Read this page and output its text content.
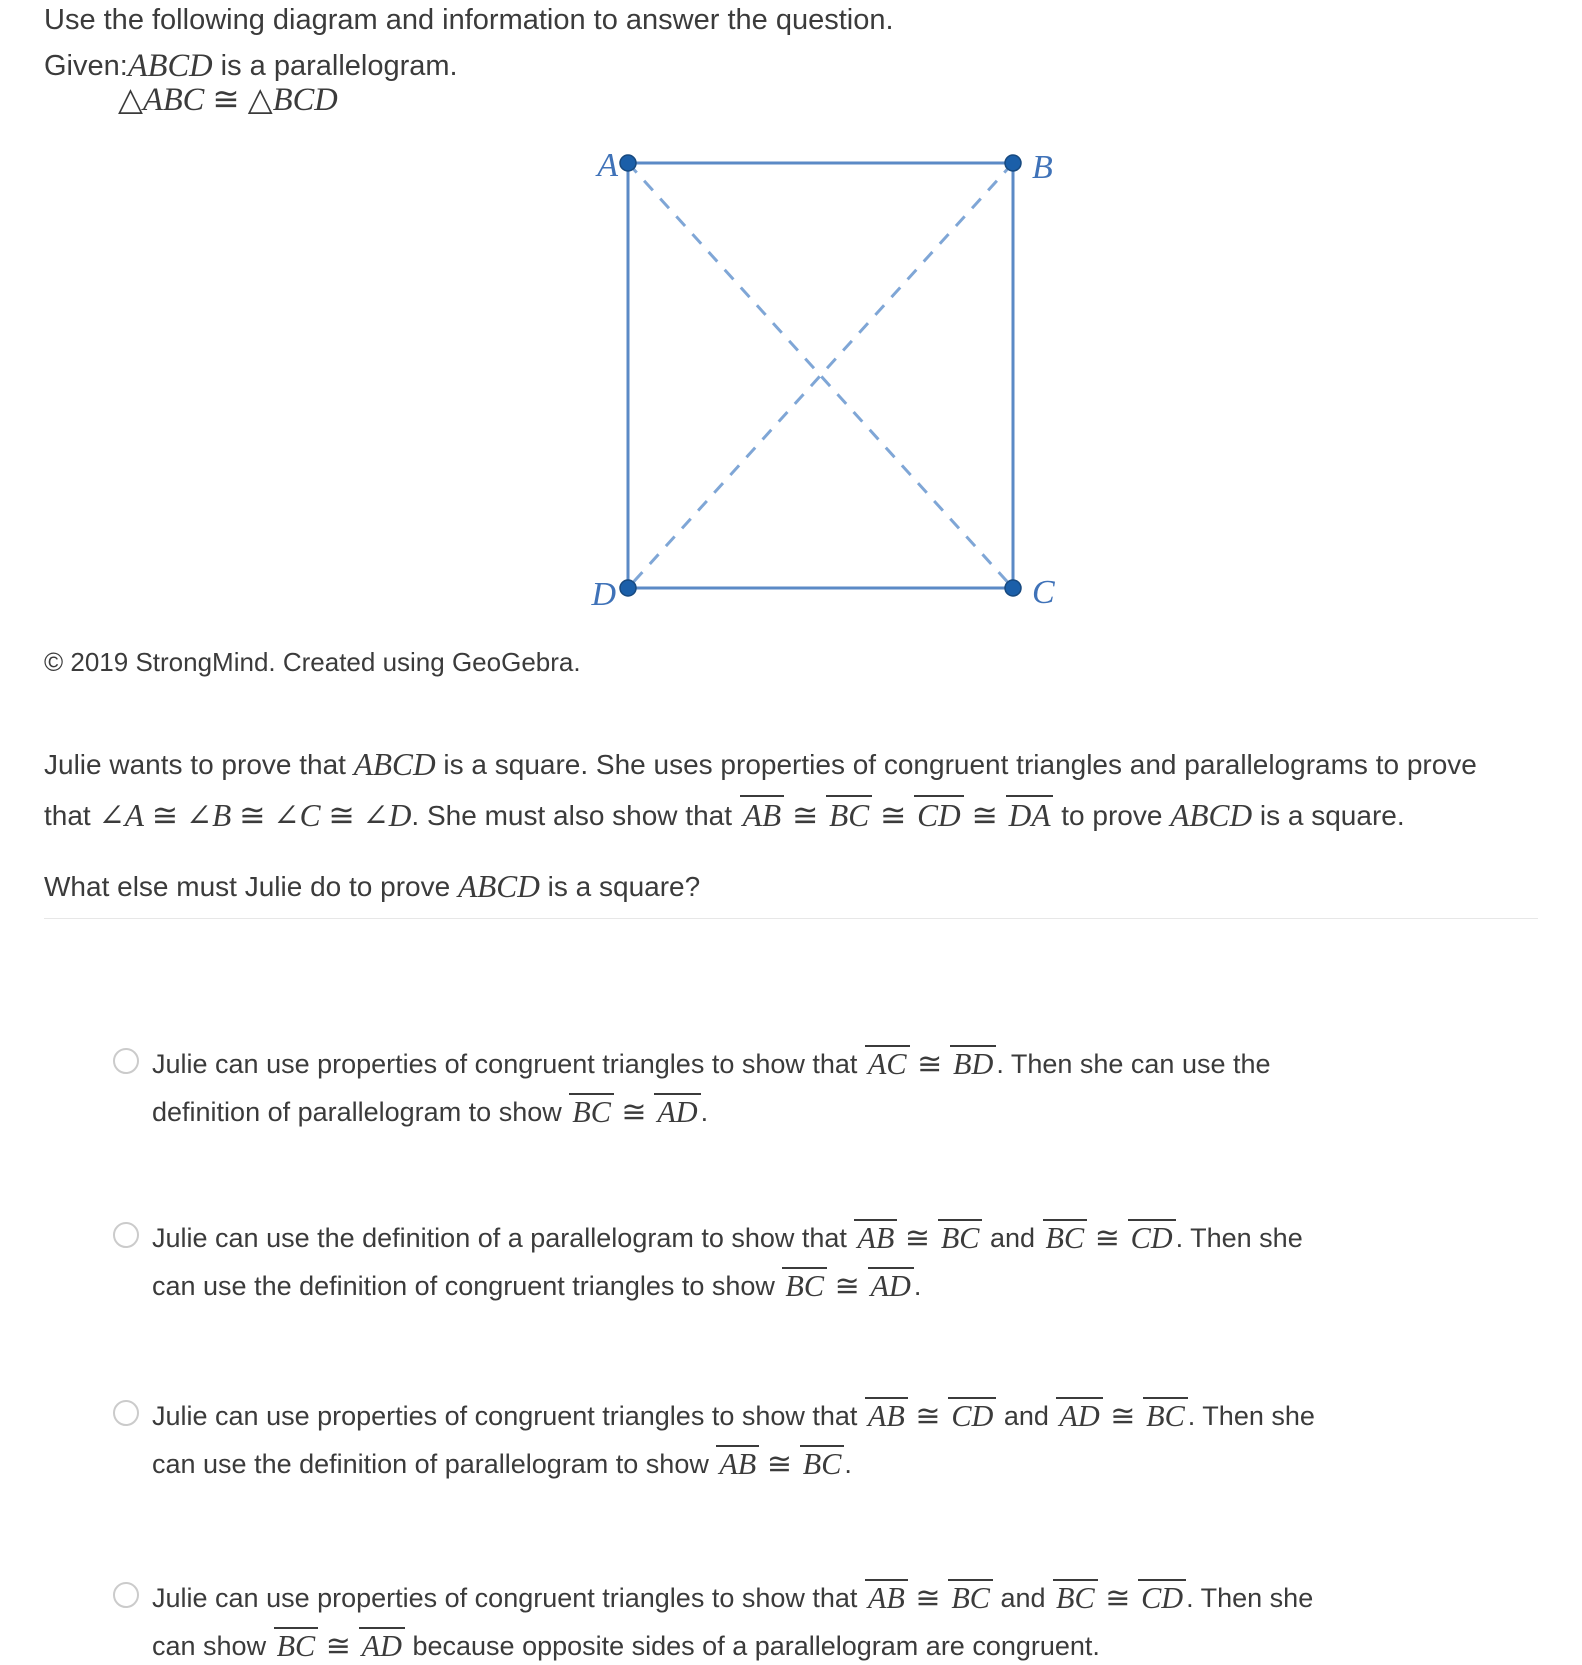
Use the following diagram and information to answer the question.
Given:ABCD is a parallelogram.
△ABC ≅ △BCD
A	B
C
D
© 2019 StrongMind. Created using GeoGebra.
Julie wants to prove that ABCD is a square. She uses properties of congruent triangles and parallelograms to prove
that ∠A ≅ ∠B ≅ ∠C ≅ ∠D. She must also show that AB ≅ BC ≅ CD ≅ DA to prove ABCD is a square.
What else must Julie do to prove ABCD is a square?
Julie can use properties of congruent triangles to show that AC ≅ BD . Then she can use the
definition of parallelogram to show BC ≅ AD .
Julie can use the definition of a parallelogram to show that AB ≅ BC and BC ≅ CD . Then she
can use the definition of congruent triangles to show BC ≅ AD .
Julie can use properties of congruent triangles to show that AB ≅ CD and AD ≅ BC . Then she
can use the definition of parallelogram to show AB ≅ BC .
Julie can use properties of congruent triangles to show that AB ≅ BC and BC ≅ CD . Then she
can show BC ≅ AD because opposite sides of a parallelogram are congruent.
